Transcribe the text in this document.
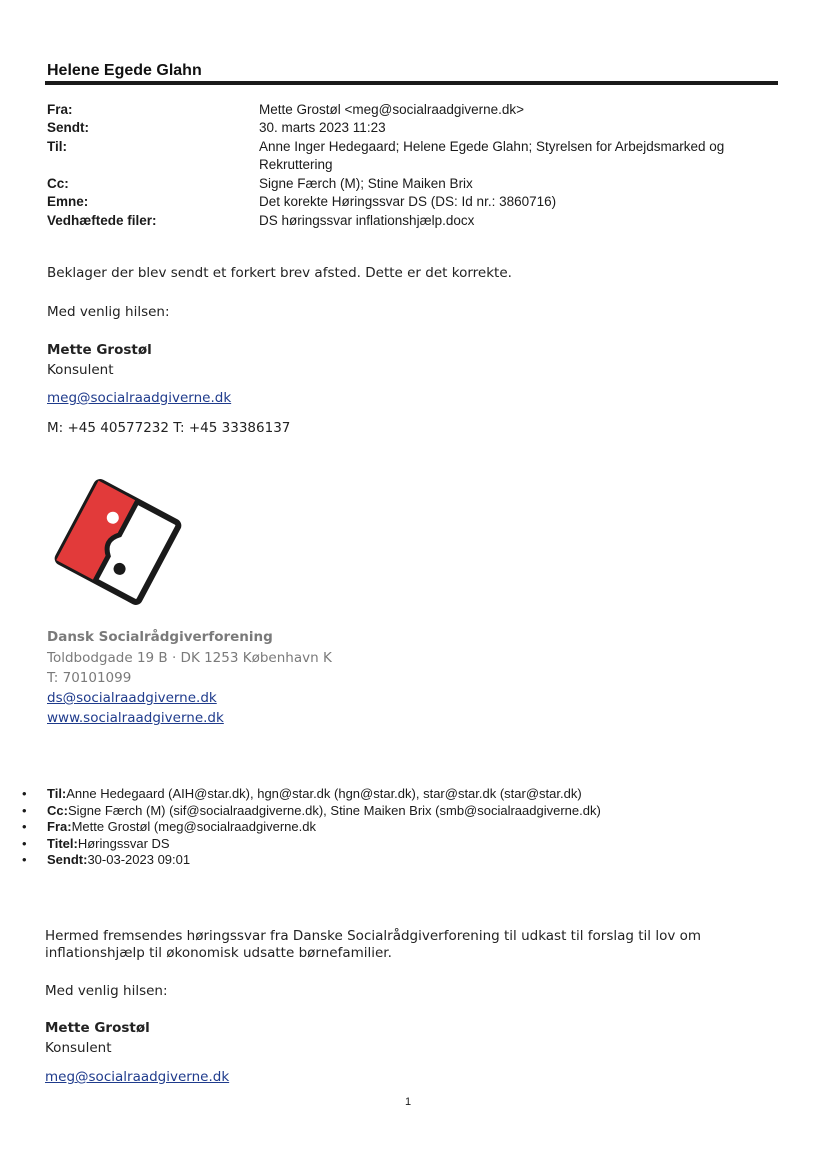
Helene Egede Glahn
Fra:	Mette Grostøl <meg@socialraadgiverne.dk>
Sendt:	30. marts 2023 11:23
Til:	Anne Inger Hedegaard; Helene Egede Glahn; Styrelsen for Arbejdsmarked og Rekruttering
Cc:	Signe Færch (M); Stine Maiken Brix
Emne:	Det korekte Høringssvar DS (DS: Id nr.: 3860716)
Vedhæftede filer:	DS høringssvar inflationshjælp.docx
Beklager der blev sendt et forkert brev afsted. Dette er det korrekte.
Med venlig hilsen:
Mette Grostøl
Konsulent
meg@socialraadgiverne.dk
M: +45 40577232 T: +45 33386137
Dansk Socialrådgiverforening
Toldbodgade 19 B · DK 1253 København K
T: 70101099
ds@socialraadgiverne.dk
www.socialraadgiverne.dk
• Til:Anne Hedegaard (AIH@star.dk), hgn@star.dk (hgn@star.dk), star@star.dk (star@star.dk)
• Cc:Signe Færch (M) (sif@socialraadgiverne.dk), Stine Maiken Brix (smb@socialraadgiverne.dk)
• Fra:Mette Grostøl (meg@socialraadgiverne.dk
• Titel:Høringssvar DS
• Sendt:30-03-2023 09:01
Hermed fremsendes høringssvar fra Danske Socialrådgiverforening til udkast til forslag til lov om
inflationshjælp til økonomisk udsatte børnefamilier.
Med venlig hilsen:
Mette Grostøl
Konsulent
meg@socialraadgiverne.dk
1
